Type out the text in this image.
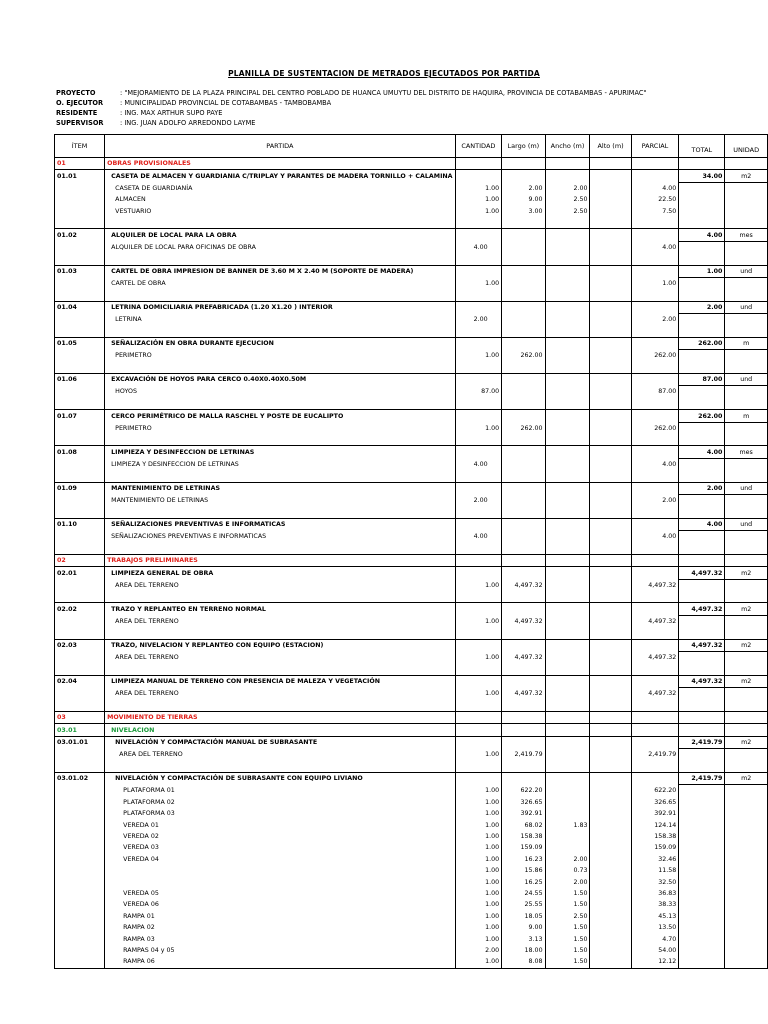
PLANILLA DE SUSTENTACION DE METRADOS EJECUTADOS POR PARTIDA
PROYECTO	: "MEJORAMIENTO DE LA PLAZA PRINCIPAL DEL CENTRO POBLADO DE HUANCA UMUYTU DEL DISTRITO DE HAQUIRA, PROVINCIA DE COTABAMBAS - APURIMAC"
O. EJECUTOR	: MUNICIPALIDAD PROVINCIAL DE COTABAMBAS - TAMBOBAMBA
RESIDENTE	: ING. MAX ARTHUR SUPO PAYE
SUPERVISOR	: ING. JUAN ADOLFO ARREDONDO LAYME
ÍTEM	PARTIDA	CANTIDAD	Largo (m)	Ancho (m)	Alto (m)	PARCIAL	TOTAL	UNIDAD
01	OBRAS PROVISIONALES							
01.01	CASETA DE ALMACEN Y GUARDIANIA C/TRIPLAY Y PARANTES DE MADERA TORNILLO + CALAMINA						34.00	m2
	CASETA DE GUARDIANÍA	1.00	2.00	2.00		4.00		
	ALMACEN	1.00	9.00	2.50		22.50		
	VESTUARIO	1.00	3.00	2.50		7.50		

01.02	ALQUILER DE LOCAL PARA LA OBRA						4.00	mes
	ALQUILER DE LOCAL PARA OFICINAS DE OBRA	4.00				4.00		

01.03	CARTEL DE OBRA IMPRESION DE BANNER DE 3.60 M X 2.40 M (SOPORTE DE MADERA)						1.00	und
	CARTEL DE OBRA	1.00				1.00		

01.04	LETRINA DOMICILIARIA PREFABRICADA (1.20 X1.20 ) INTERIOR						2.00	und
	LETRINA	2.00				2.00		

01.05	SEÑALIZACIÓN EN OBRA DURANTE EJECUCION						262.00	m
	PERIMETRO	1.00	262.00			262.00		

01.06	EXCAVACIÓN DE HOYOS PARA CERCO 0.40X0.40X0.50M						87.00	und
	HOYOS	87.00				87.00		

01.07	CERCO PERIMÉTRICO DE MALLA RASCHEL Y POSTE DE EUCALIPTO						262.00	m
	PERIMETRO	1.00	262.00			262.00		

01.08	LIMPIEZA Y DESINFECCION DE LETRINAS						4.00	mes
	LIMPIEZA Y DESINFECCION DE LETRINAS	4.00				4.00		

01.09	MANTENIMIENTO DE LETRINAS						2.00	und
	MANTENIMIENTO DE LETRINAS	2.00				2.00		

01.10	SEÑALIZACIONES PREVENTIVAS E INFORMATICAS						4.00	und
	SEÑALIZACIONES PREVENTIVAS E INFORMATICAS	4.00				4.00		

02	TRABAJOS PRELIMINARES							
02.01	LIMPIEZA GENERAL DE OBRA						4,497.32	m2
	AREA DEL TERRENO	1.00	4,497.32			4,497.32		

02.02	TRAZO Y REPLANTEO EN TERRENO NORMAL						4,497.32	m2
	AREA DEL TERRENO	1.00	4,497.32			4,497.32		

02.03	TRAZO, NIVELACION Y REPLANTEO CON EQUIPO (ESTACION)						4,497.32	m2
	AREA DEL TERRENO	1.00	4,497.32			4,497.32		

02.04	LIMPIEZA MANUAL DE TERRENO CON PRESENCIA DE MALEZA Y VEGETACIÓN						4,497.32	m2
	AREA DEL TERRENO	1.00	4,497.32			4,497.32		

03	MOVIMIENTO DE TIERRAS							
03.01	NIVELACION							
03.01.01	NIVELACIÓN Y COMPACTACIÓN MANUAL DE SUBRASANTE						2,419.79	m2
	AREA DEL TERRENO	1.00	2,419.79			2,419.79		

03.01.02	NIVELACIÓN Y COMPACTACIÓN DE SUBRASANTE CON EQUIPO LIVIANO						2,419.79	m2
	PLATAFORMA 01	1.00	622.20			622.20		
	PLATAFORMA 02	1.00	326.65			326.65		
	PLATAFORMA 03	1.00	392.91			392.91		
	VEREDA 01	1.00	68.02	1.83		124.14		
	VEREDA 02	1.00	158.38			158.38		
	VEREDA 03	1.00	159.09			159.09		
	VEREDA 04	1.00	16.23	2.00		32.46		
		1.00	15.86	0.73		11.58		
		1.00	16.25	2.00		32.50		
	VEREDA 05	1.00	24.55	1.50		36.83		
	VEREDA 06	1.00	25.55	1.50		38.33		
	RAMPA 01	1.00	18.05	2.50		45.13		
	RAMPA 02	1.00	9.00	1.50		13.50		
	RAMPA 03	1.00	3.13	1.50		4.70		
	RAMPAS 04 y 05	2.00	18.00	1.50		54.00		
	RAMPA 06	1.00	8.08	1.50		12.12		
